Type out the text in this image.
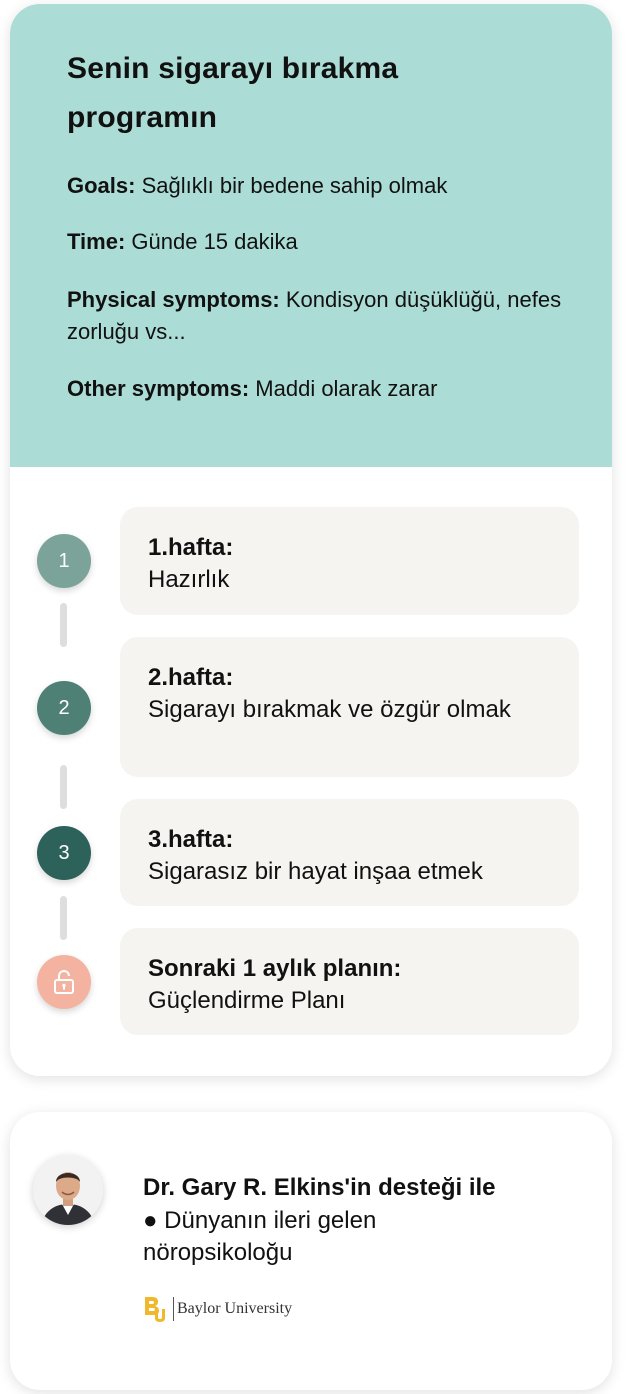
Senin sigarayı bırakma programın
Goals: Sağlıklı bir bedene sahip olmak
Time: Günde 15 dakika
Physical symptoms: Kondisyon düşüklüğü, nefes zorluğu vs...
Other symptoms: Maddi olarak zarar
1	1.hafta:
Hazırlık
2
2.hafta:
Sigarayı bırakmak ve özgür olmak
3	3.hafta:
Sigarasız bir hayat inşaa etmek
Sonraki 1 aylık planın:
Güçlendirme Planı
Dr. Gary R. Elkins'in desteği ile
● Dünyanın ileri gelen nöropsikoloğu
Baylor University
